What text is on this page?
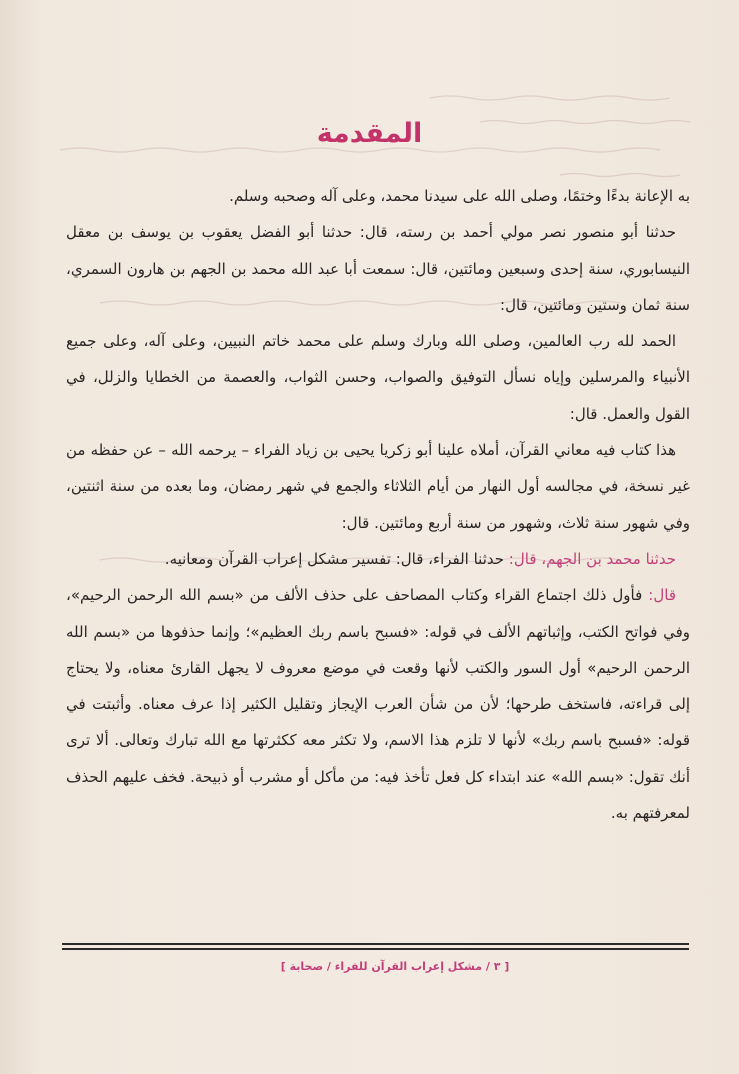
المقدمة

به الإعانة بدءًا وختمًا، وصلى الله على سيدنا محمد، وعلى آله وصحبه وسلم.

حدثنا أبو منصور نصر مولي أحمد بن رسته، قال: حدثنا أبو الفضل يعقوب بن يوسف بن معقل النيسابوري، سنة إحدى وسبعين ومائتين، قال: سمعت أبا عبد الله محمد بن الجهم بن هارون السمري، سنة ثمان وستين ومائتين، قال:

الحمد لله رب العالمين، وصلى الله وبارك وسلم على محمد خاتم النبيين، وعلى آله، وعلى جميع الأنبياء والمرسلين وإياه نسأل التوفيق والصواب، وحسن الثواب، والعصمة من الخطايا والزلل، في القول والعمل. قال:

هذا كتاب فيه معاني القرآن، أملاه علينا أبو زكريا يحيى بن زياد الفراء – يرحمه الله – عن حفظه من غير نسخة، في مجالسه أول النهار من أيام الثلاثاء والجمع في شهر رمضان، وما بعده من سنة اثنتين، وفي شهور سنة ثلاث، وشهور من سنة أربع ومائتين. قال:

حدثنا محمد بن الجهم، قال: حدثنا الفراء، قال: تفسير مشكل إعراب القرآن ومعانيه.

قال: فأول ذلك اجتماع القراء وكتاب المصاحف على حذف الألف من «بسم الله الرحمن الرحيم»، وفي فواتح الكتب، وإثباتهم الألف في قوله: «فسبح باسم ربك العظيم»؛ وإنما حذفوها من «بسم الله الرحمن الرحيم» أول السور والكتب لأنها وقعت في موضع معروف لا يجهل القارئ معناه، ولا يحتاج إلى قراءته، فاستخف طرحها؛ لأن من شأن العرب الإيجاز وتقليل الكثير إذا عرف معناه. وأثبتت في قوله: «فسبح باسم ربك» لأنها لا تلزم هذا الاسم، ولا تكثر معه ككثرتها مع الله تبارك وتعالى. ألا ترى أنك تقول: «بسم الله» عند ابتداء كل فعل تأخذ فيه: من مأكل أو مشرب أو ذبيحة. فخف عليهم الحذف لمعرفتهم به.

[ ٣ / مشكل إعراب القرآن للفراء / صحابة ]
